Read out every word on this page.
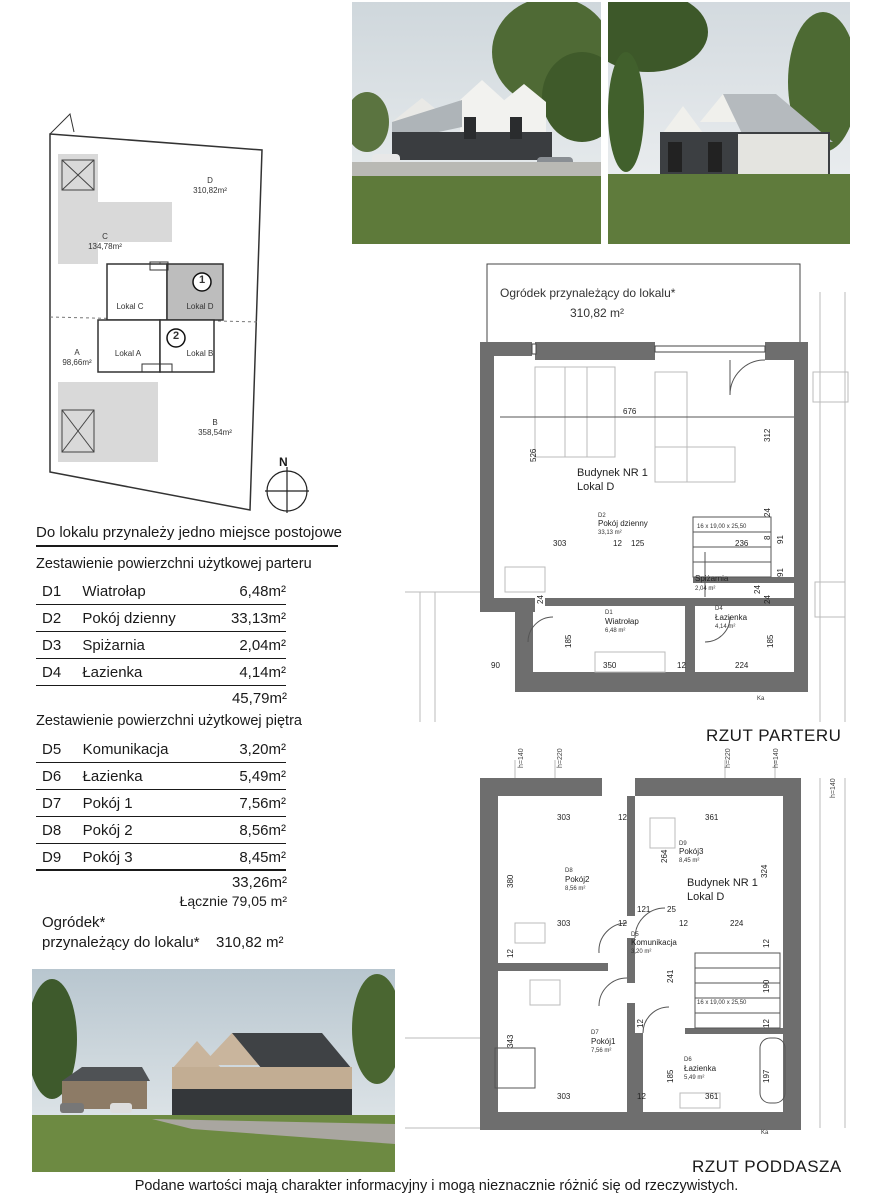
D
310,82m²
C
134,78m²
A
98,66m²
B
358,54m²
Lokal C	Lokal D
Lokal A	Lokal B
1
2
N
Do lokalu przynależy jedno miejsce postojowe
Zestawienie powierzchni użytkowej parteru
D1	Wiatrołap	6,48m²
D2	Pokój dzienny	33,13m²
D3	Spiżarnia	2,04m²
D4	Łazienka	4,14m²
45,79m²
Zestawienie powierzchni użytkowej piętra
D5	Komunikacja	3,20m²
D6	Łazienka	5,49m²
D7	Pokój 1	7,56m²
D8	Pokój 2	8,56m²
D9	Pokój 3	8,45m²
33,26m²
Łącznie 79,05 m²
Ogródek*
przynależący do lokalu* 310,82 m²
676
312
526
303	12 125	236
24
8 91
91
24
24
185	185
90	350	12	224
24
Ogródek przynależący do lokalu*
310,82 m²
Budynek NR 1
Lokal D
D2
Pokój dzienny
33,13 m²
16 x 19,00 x 25,50
Spiżarnia
2,04 m²
D1
Wiatrołap
6,48 m²
D4
Łazienka
4,14 m²
Ka
RZUT PARTERU
h=140	h=220	h=220	h=140
h=140
303	12	361
264
324
380
303	12
121 25
12	224
241
190
343
185	197
303	12	361
12
12
12
12
Budynek NR 1
Lokal D
16 x 19,00 x 25,50
D9
Pokój3
8,45 m²
D8
Pokój2
8,56 m²
D5
Komunikacja
3,20 m²
D7
Pokój1
7,56 m²
D6
Łazienka
5,49 m²
Ka
RZUT PODDASZA
Podane wartości mają charakter informacyjny i mogą nieznacznie różnić się od rzeczywistych.
